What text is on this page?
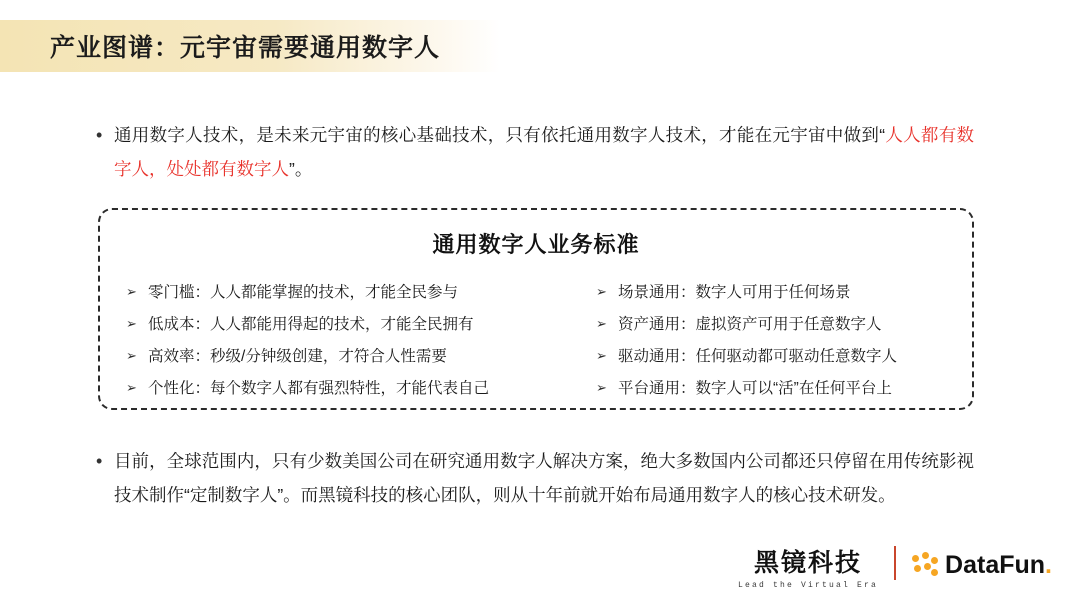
产业图谱：元宇宙需要通用数字人
• 通用数字人技术，是未来元宇宙的核心基础技术，只有依托通用数字人技术，才能在元宇宙中做到“人人都有数字人，处处都有数字人”。
通用数字人业务标准
➢ 零门槛： 人人都能掌握的技术，才能全民参与	➢ 场景通用： 数字人可用于任何场景
➢ 低成本： 人人都能用得起的技术，才能全民拥有	➢ 资产通用： 虚拟资产可用于任意数字人
➢ 高效率： 秒级/分钟级创建，才符合人性需要	➢ 驱动通用： 任何驱动都可驱动任意数字人
➢ 个性化： 每个数字人都有强烈特性，才能代表自己	➢ 平台通用： 数字人可以“活”在任何平台上
• 目前，全球范围内，只有少数美国公司在研究通用数字人解决方案，绝大多数国内公司都还只停留在用传统影视技术制作“定制数字人”。而黑镜科技的核心团队，则从十年前就开始布局通用数字人的核心技术研发。
黑镜科技
Lead the Virtual Era
DataFun.
